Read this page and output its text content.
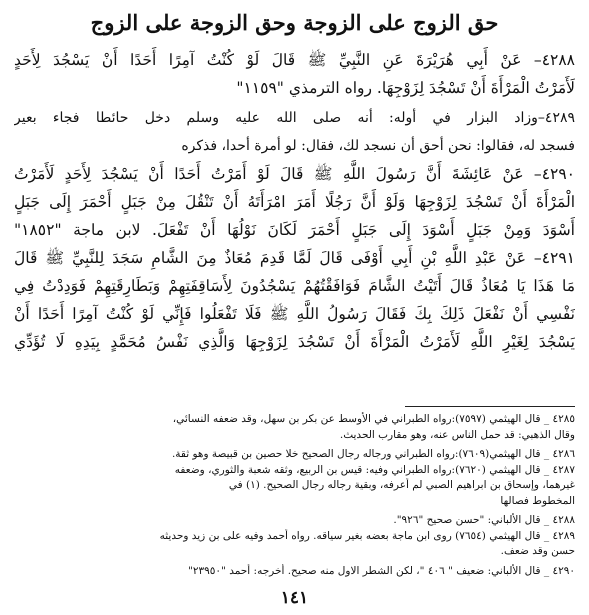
حق الزوج على الزوجة وحق الزوجة على الزوج
٤٢٨٨– عَنْ أَبِي هُرَيْرَةَ عَنِ النَّبِيِّ ﷺ قَالَ لَوْ كُنْتُ آمِرًا أَحَدًا أَنْ يَسْجُدَ لِأَحَدٍ
لَأَمَرْتُ الْمَرْأَةَ أَنْ تَسْجُدَ لِزَوْجِهَا. رواه الترمذي "١١٥٩"
٤٢٨٩–وزاد البزار في أوله: أنه صلى الله عليه وسلم دخل حائطا فجاء بعير
فسجد له، فقالوا: نحن أحق أن نسجد لك، فقال: لو أمرة أحدا، فذكره
٤٢٩٠– عَنْ عَائِشَةَ أَنَّ رَسُولَ اللَّهِ ﷺ قَالَ لَوْ أَمَرْتُ أَحَدًا أَنْ يَسْجُدَ لِأَحَدٍ لَأَمَرْتُ
الْمَرْأَةَ أَنْ تَسْجُدَ لِزَوْجِهَا وَلَوْ أَنَّ رَجُلًا أَمَرَ امْرَأَتَهُ أَنْ تَنْقُلَ مِنْ جَبَلٍ أَحْمَرَ إِلَى جَبَلٍ
أَسْوَدَ وَمِنْ جَبَلٍ أَسْوَدَ إِلَى جَبَلٍ أَحْمَرَ لَكَانَ نَوْلُهَا أَنْ تَفْعَلَ. لابن ماجة "١٨٥٢"
٤٢٩١– عَنْ عَبْدِ اللَّهِ بْنِ أَبِي أَوْفَى قَالَ لَمَّا قَدِمَ مُعَاذٌ مِنَ الشَّامِ سَجَدَ لِلنَّبِيِّ ﷺ قَالَ
مَا هَذَا يَا مُعَاذُ قَالَ أَتَيْتُ الشَّامَ فَوَافَقْتُهُمْ يَسْجُدُونَ لِأَسَاقِفَتِهِمْ وَبَطَارِقَتِهِمْ فَوَدِدْتُ فِي
نَفْسِي أَنْ نَفْعَلَ ذَلِكَ بِكَ فَقَالَ رَسُولُ اللَّهِ ﷺ فَلَا تَفْعَلُوا فَإِنِّي لَوْ كُنْتُ آمِرًا أَحَدًا أَنْ
يَسْجُدَ لِغَيْرِ اللَّهِ لَأَمَرْتُ الْمَرْأَةَ أَنْ تَسْجُدَ لِزَوْجِهَا وَالَّذِي نَفْسُ مُحَمَّدٍ بِيَدِهِ لَا تُؤَدِّي
٤٢٨٥ _ قال الهيثمي (٧٥٩٧):رواه الطبراني في الأوسط عن بكر بن سهل، وقد ضعفه النسائي،
وقال الذهبي: قد حمل الناس عنه، وهو مقارب الحديث.
٤٢٨٦ _ قال الهيثمي(٧٦٠٩):رواه الطبراني ورجاله رجال الصحيح خلا حصين بن قبيصة وهو ثقة.
٤٢٨٧ _ قال الهيثمي (٧٦٢٠):رواه الطبراني وفيه: قيس بن الربيع، وثقه شعبة والثوري، وضعفه
غيرهما، وإسحاق بن ابراهيم الصبي لم أعرفه، وبقية رجاله رجال الصحيح. (١) في
المخطوط فصالها
٤٢٨٨ _ قال الألباني: "حسن صحيح "٩٢٦".
٤٢٨٩ _ قال الهيثمي (٧٦٥٤) روى ابن ماجة بعضه بغير سياقه. رواه أحمد وفيه على بن زيد وحديثه
حسن وقد ضعف.
٤٢٩٠ _ قال الألباني: ضعيف " ٤٠٦ "، لكن الشطر الاول منه صحيح. أخرجه: أحمد "٢٣٩٥٠"
١٤١
